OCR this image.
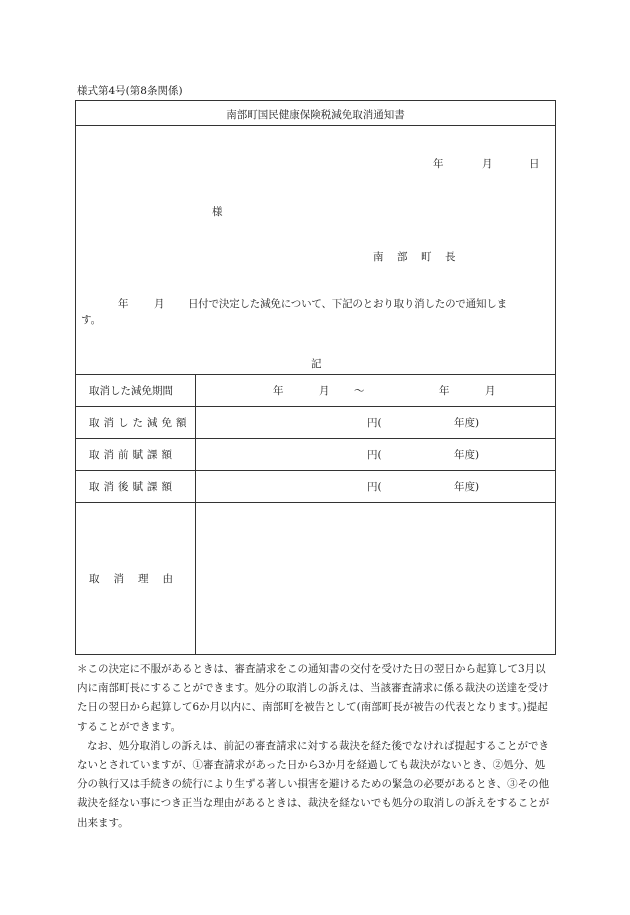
様式第4号(第8条関係)
南部町国民健康保険税減免取消通知書
年	月	日
様
南 部 町 長
年 月 日付で決定した減免について、下記のとおり取り消したので通知しま
す。
記
取消した減免期間	年	月 〜	年	月
取消した減免額	円(	年度)
取消前賦課額	円(	年度)
取消後賦課額	円(	年度)
取消理由

＊この決定に不服があるときは、審査請求をこの通知書の交付を受けた日の翌日から起算して3月以内に南部町長にすることができます。処分の取消しの訴えは、当該審査請求に係る裁決の送達を受けた日の翌日から起算して6か月以内に、南部町を被告として(南部町長が被告の代表となります。)提起することができます。

なお、処分取消しの訴えは、前記の審査請求に対する裁決を経た後でなければ提起することができないとされていますが、①審査請求があった日から3か月を経過しても裁決がないとき、②処分、処分の執行又は手続きの続行により生ずる著しい損害を避けるための緊急の必要があるとき、③その他裁決を経ない事につき正当な理由があるときは、裁決を経ないでも処分の取消しの訴えをすることが出来ます。
